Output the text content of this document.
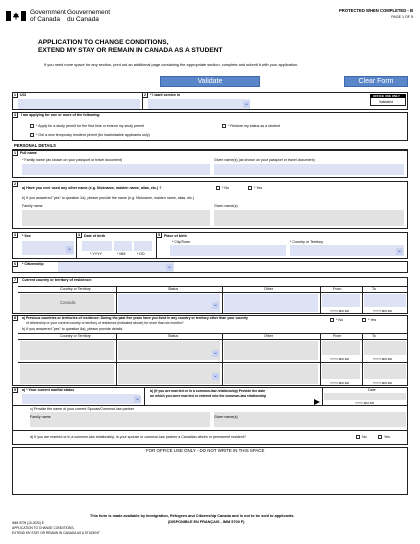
Government
of Canada
Gouvernement
du Canada
PROTECTED WHEN COMPLETED - B
PAGE 1 OF 5
APPLICATION TO CHANGE CONDITIONS,
EXTEND MY STAY OR REMAIN IN CANADA AS A STUDENT
If you need more space for any section, print out an additional page containing the appropriate section, complete and submit it with your application.
Validate	Clear Form
1	UCI	2	* I want service in
⌄
OFFICE USE ONLY
Validated
3	I am applying for one or more of the following:
* Apply for a study permit for the first time or extend my study permit	* Restore my status as a student
* Get a new temporary resident permit (for inadmissible applicants only)
PERSONAL DETAILS
1	Full name
* Family name (as shown on your passport or travel document)	Given name(s) (as shown on your passport or travel document)
2
a) Have you ever used any other name (e.g. Nickname, maiden name, alias, etc.) ?	* No	* Yes
b) If you answered "yes" to question 2a), please provide the name (e.g. Nickname, maiden name, alias, etc.)
Family name	Given name(s)
3	* Sex
⌄
4	Date of birth
* YYYY	* MM	* DD
5	Place of birth
* City/Town	* Country or Territory
⌄
6	* Citizenship	⌄
7	Current country or territory of residence:
Country or Territory	Status	Other	From	To
Canada	⌄
YYYY-MM-DD	YYYY-MM-DD
8	a) Previous countries or territories of residence: During the past five years have you lived in any country or territory other than your country
of citizenship or your current country or territory of residence (indicated above) for more than six months?
* No	* Yes
b) If you answered "yes" to question 8a), please provide details
Country or Territory	Status	Other	From	To
⌄
YYYY-MM-DD	YYYY-MM-DD
⌄
YYYY-MM-DD	YYYY-MM-DD
9	a) * Your current marital status
⌄
b) (If you are married or in a common-law relationship) Provide the date
on which you were married or entered into the common-law relationship
Date
YYYY-MM-DD
c) Provide the name of your current Spouse/Common-law partner
Family name	Given name(s)
d) If you are married or in a common-law relationship, is your spouse or common-law partner a Canadian citizen or permanent resident?	No	Yes
FOR OFFICE USE ONLY - DO NOT WRITE IN THIS SPACE
This form is made available by Immigration, Refugees and Citizenship Canada and is not to be sold to applicants.
(DISPONIBLE EN FRANÇAIS - IMM 5709 F)
IMM 5709 (10-2020) E
APPLICATION TO CHANGE CONDITIONS,
EXTEND MY STAY OR REMAIN IN CANADA AS A STUDENT
